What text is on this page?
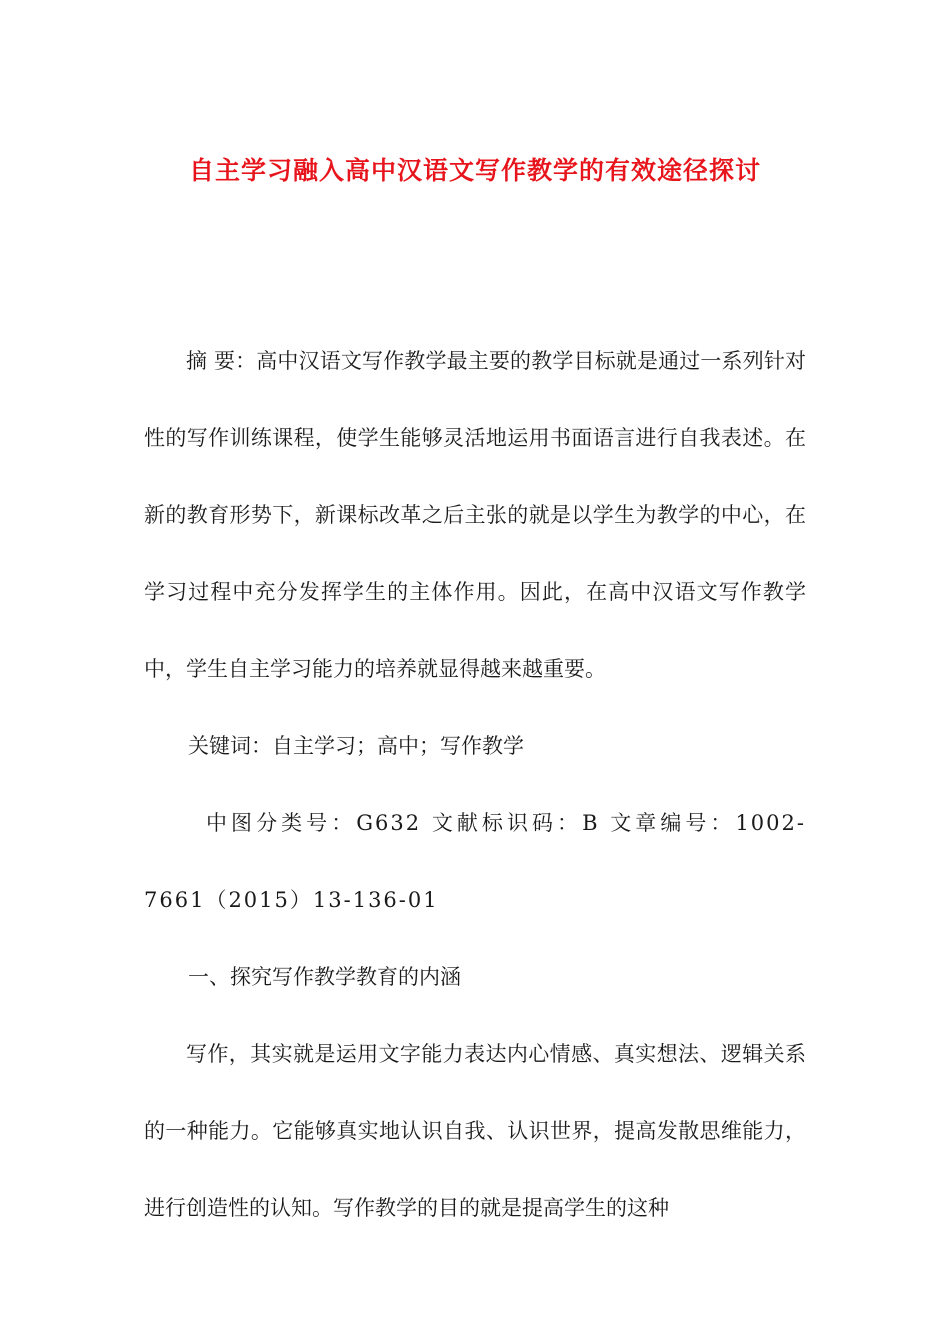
自主学习融入高中汉语文写作教学的有效途径探讨

摘 要：高中汉语文写作教学最主要的教学目标就是通过一系列针对性的写作训练课程，使学生能够灵活地运用书面语言进行自我表述。在新的教育形势下，新课标改革之后主张的就是以学生为教学的中心，在学习过程中充分发挥学生的主体作用。因此，在高中汉语文写作教学中，学生自主学习能力的培养就显得越来越重要。

关键词：自主学习；高中；写作教学

中图分类号：G632 文献标识码：B 文章编号：1002-7661（2015）13-136-01

一、探究写作教学教育的内涵

写作，其实就是运用文字能力表达内心情感、真实想法、逻辑关系的一种能力。它能够真实地认识自我、认识世界，提高发散思维能力，进行创造性的认知。写作教学的目的就是提高学生的这种
